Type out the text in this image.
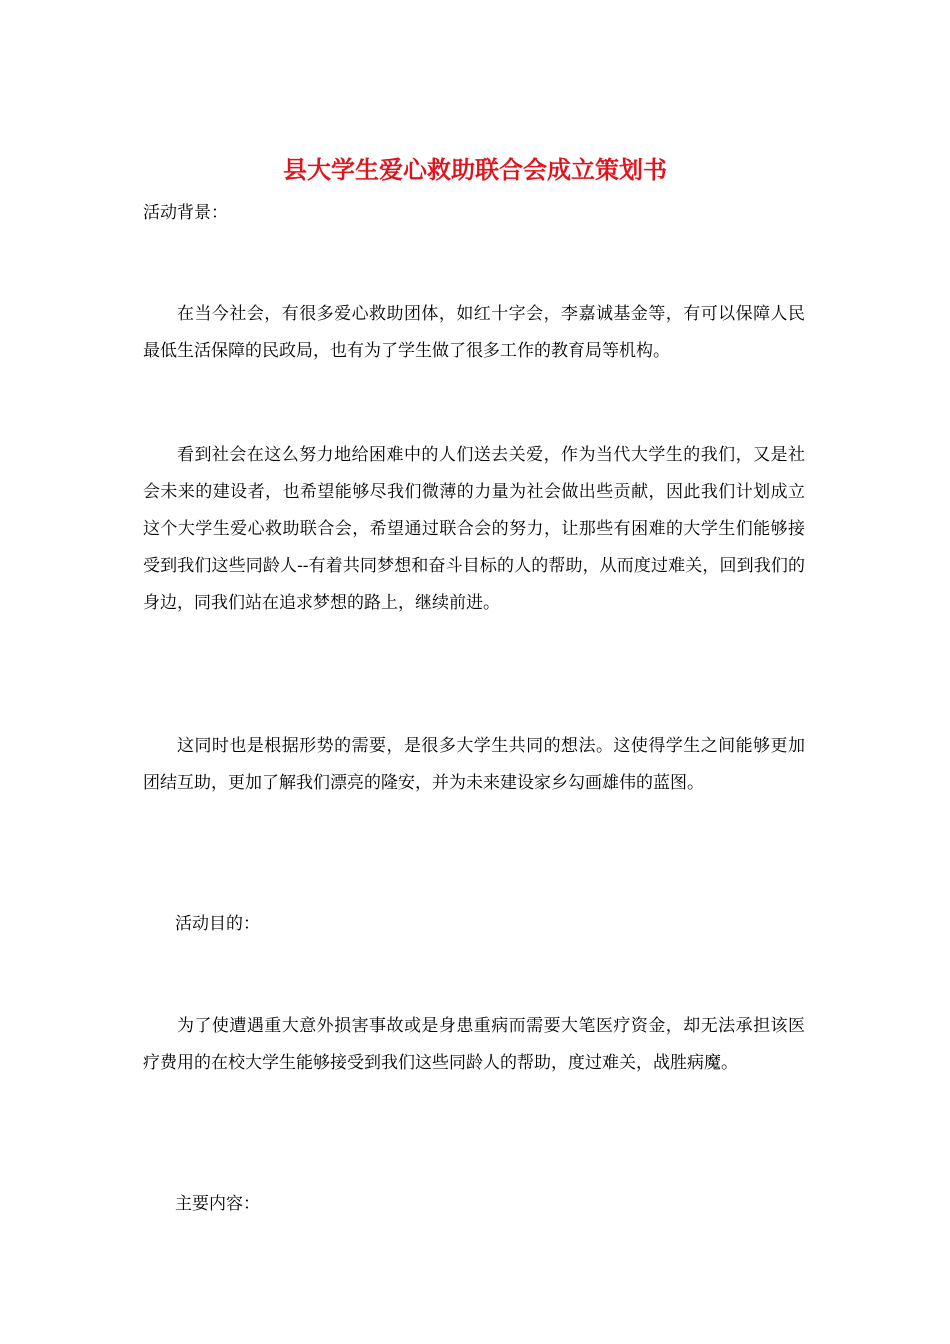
县大学生爱心救助联合会成立策划书
活动背景：

在当今社会，有很多爱心救助团体，如红十字会，李嘉诚基金等，有可以保障人民最低生活保障的民政局，也有为了学生做了很多工作的教育局等机构。

看到社会在这么努力地给困难中的人们送去关爱，作为当代大学生的我们，又是社会未来的建设者，也希望能够尽我们微薄的力量为社会做出些贡献，因此我们计划成立这个大学生爱心救助联合会，希望通过联合会的努力，让那些有困难的大学生们能够接受到我们这些同龄人--有着共同梦想和奋斗目标的人的帮助，从而度过难关，回到我们的身边，同我们站在追求梦想的路上，继续前进。

这同时也是根据形势的需要，是很多大学生共同的想法。这使得学生之间能够更加团结互助，更加了解我们漂亮的隆安，并为未来建设家乡勾画雄伟的蓝图。

活动目的：

为了使遭遇重大意外损害事故或是身患重病而需要大笔医疗资金，却无法承担该医疗费用的在校大学生能够接受到我们这些同龄人的帮助，度过难关，战胜病魔。

主要内容：
